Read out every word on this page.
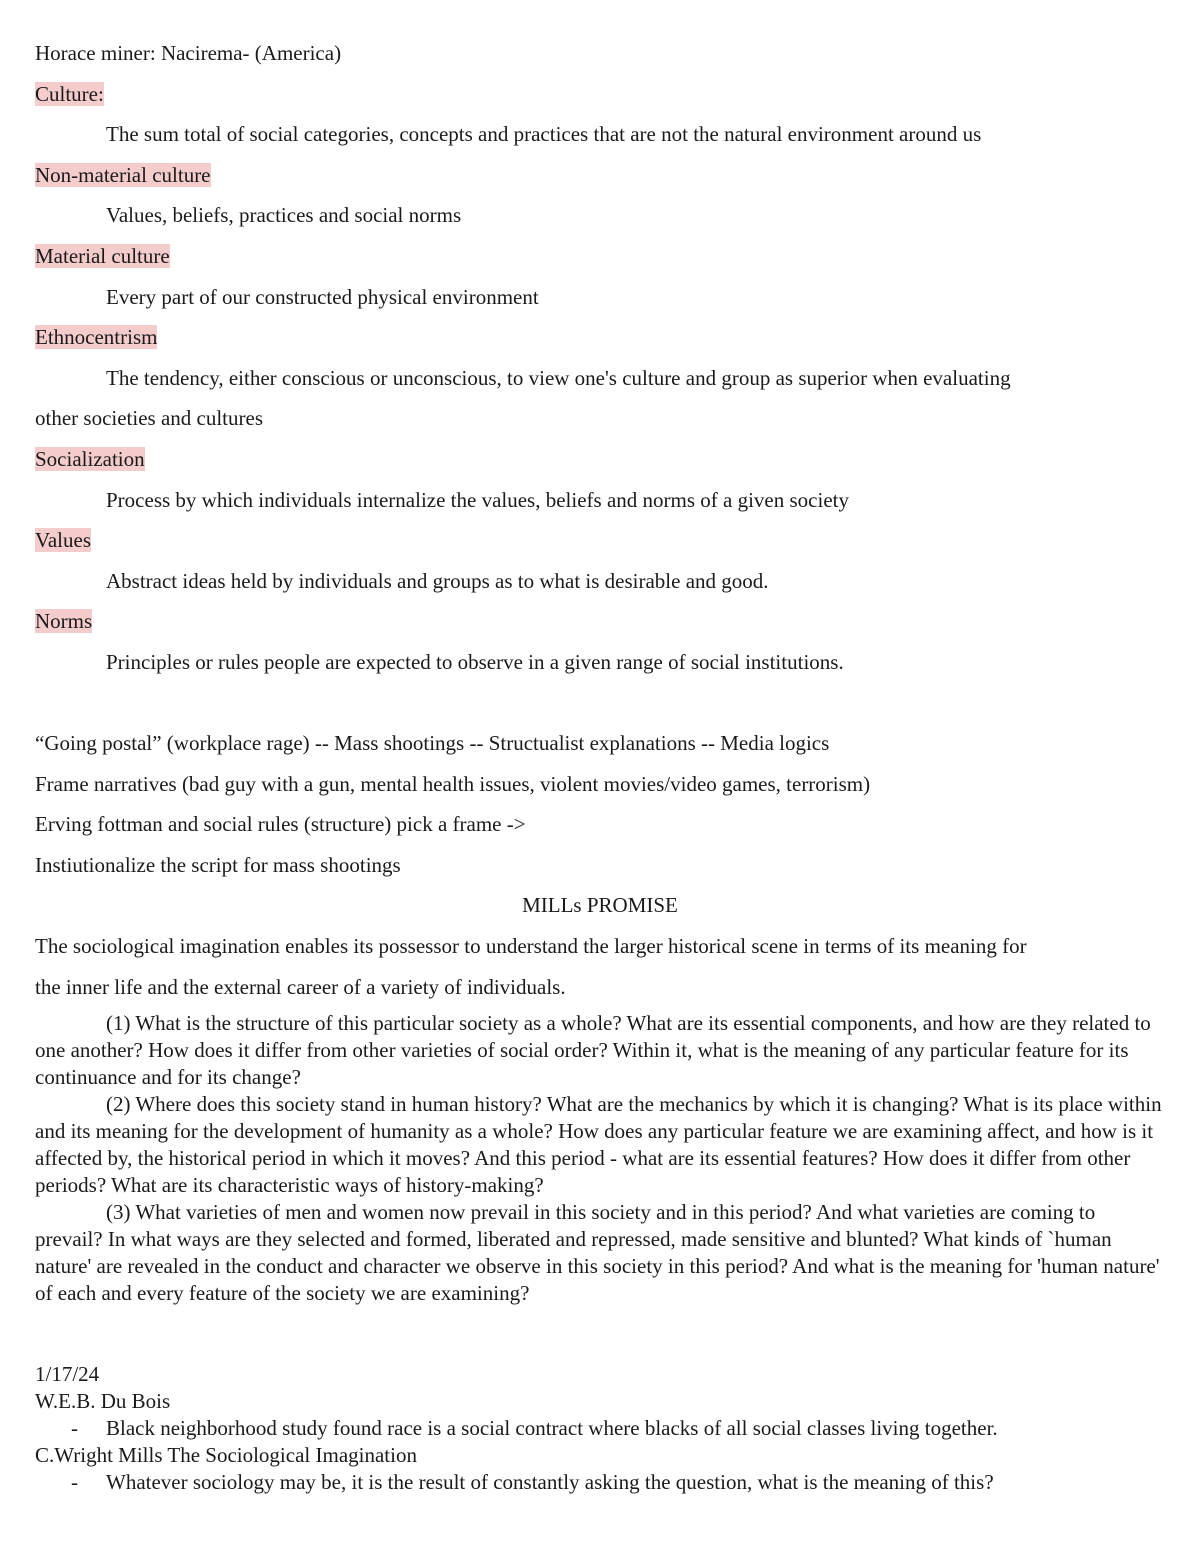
Horace miner: Nacirema- (America)
Culture:
The sum total of social categories, concepts and practices that are not the natural environment around us
Non-material culture
Values, beliefs, practices and social norms
Material culture
Every part of our constructed physical environment
Ethnocentrism
The tendency, either conscious or unconscious, to view one's culture and group as superior when evaluating
other societies and cultures
Socialization
Process by which individuals internalize the values, beliefs and norms of a given society
Values
Abstract ideas held by individuals and groups as to what is desirable and good.
Norms
Principles or rules people are expected to observe in a given range of social institutions.
“Going postal” (workplace rage) -- Mass shootings -- Structualist explanations -- Media logics
Frame narratives (bad guy with a gun, mental health issues, violent movies/video games, terrorism)
Erving fottman and social rules (structure) pick a frame ->
Instiutionalize the script for mass shootings
MILLs PROMISE
The sociological imagination enables its possessor to understand the larger historical scene in terms of its meaning for
the inner life and the external career of a variety of individuals.
(1) What is the structure of this particular society as a whole? What are its essential components, and how are they related to one another? How does it differ from other varieties of social order? Within it, what is the meaning of any particular feature for its continuance and for its change?
(2) Where does this society stand in human history? What are the mechanics by which it is changing? What is its place within and its meaning for the development of humanity as a whole? How does any particular feature we are examining affect, and how is it affected by, the historical period in which it moves? And this period - what are its essential features? How does it differ from other periods? What are its characteristic ways of history-making?
(3) What varieties of men and women now prevail in this society and in this period? And what varieties are coming to prevail? In what ways are they selected and formed, liberated and repressed, made sensitive and blunted? What kinds of `human nature' are revealed in the conduct and character we observe in this society in this period? And what is the meaning for 'human nature' of each and every feature of the society we are examining?
1/17/24
W.E.B. Du Bois
- Black neighborhood study found race is a social contract where blacks of all social classes living together.
C.Wright Mills The Sociological Imagination
- Whatever sociology may be, it is the result of constantly asking the question, what is the meaning of this?
